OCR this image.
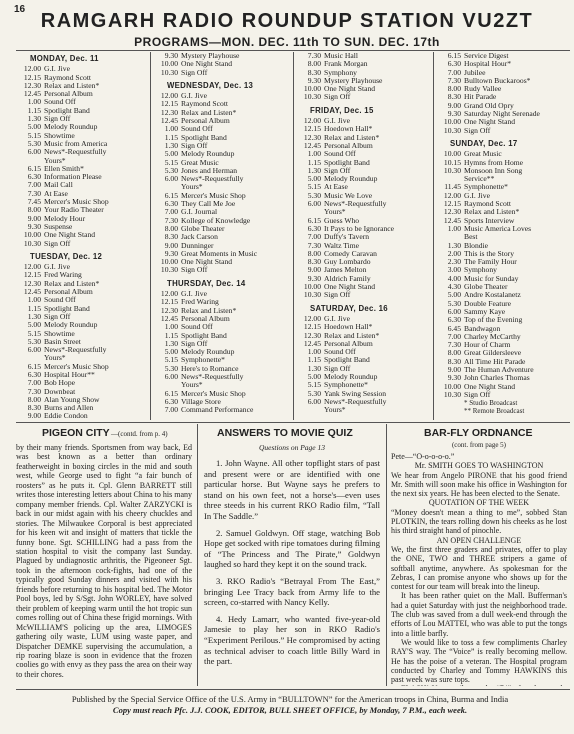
16
RAMGARH RADIO ROUNDUP STATION VU2ZT
PROGRAMS—MON. DEC. 11th TO SUN. DEC. 17th
MONDAY, Dec. 11
12.00 G.I. Jive
12.15 Raymond Scott
12.30 Relax and Listen*
12.45 Personal Album
1.00 Sound Off
1.15 Spotlight Band
1.30 Sign Off
5.00 Melody Roundup
5.15 Showtime
5.30 Music from America
6.00 News*-Requestfully
Yours*
6.15 Ellen Smith*
6.30 Information Please
7.00 Mail Call
7.30 At Ease
7.45 Mercer's Music Shop
8.00 Your Radio Theater
9.00 Melody Hour
9.30 Suspense
10.00 One Night Stand
10.30 Sign Off
TUESDAY, Dec. 12
12.00 G.I. Jive
12.15 Fred Waring
12.30 Relax and Listen*
12.45 Personal Album
1.00 Sound Off
1.15 Spotlight Band
1.30 Sign Off
5.00 Melody Roundup
5.15 Showtime
5.30 Basin Street
6.00 News*-Requestfully
Yours*
6.15 Mercer's Music Shop
6.30 Hospital Hour**
7.00 Bob Hope
7.30 Downbeat
8.00 Alan Young Show
8.30 Burns and Allen
9.00 Eddie Condon
9.30 Mystery Playhouse
10.00 One Night Stand
10.30 Sign Off
WEDNESDAY, Dec. 13
12.00 G.I. Jive
12.15 Raymond Scott
12.30 Relax and Listen*
12.45 Personal Album
1.00 Sound Off
1.15 Spotlight Band
1.30 Sign Off
5.00 Melody Roundup
5.15 Great Music
5.30 Jones and Herman
6.00 News*-Requestfully
Yours*
6.15 Mercer's Music Shop
6.30 They Call Me Joe
7.00 G.I. Journal
7.30 Kollege of Knowledge
8.00 Globe Theater
8.30 Jack Carson
9.00 Dunninger
9.30 Great Moments in Music
10.00 One Night Stand
10.30 Sign Off
THURSDAY, Dec. 14
12.00 G.I. Jive
12.15 Fred Waring
12.30 Relax and Listen*
12.45 Personal Album
1.00 Sound Off
1.15 Spotlight Band
1.30 Sign Off
5.00 Melody Roundup
5.15 Symphonette*
5.30 Here's to Romance
6.00 News*-Requestfully
Yours*
6.15 Mercer's Music Shop
6.30 Village Store
7.00 Command Performance
7.30 Music Hall
8.00 Frank Morgan
8.30 Symphony
9.30 Mystery Playhouse
10.00 One Night Stand
10.30 Sign Off
FRIDAY, Dec. 15
12.00 G.I. Jive
12.15 Hoedown Hall*
12.30 Relax and Listen*
12.45 Personal Album
1.00 Sound Off
1.15 Spotlight Band
1.30 Sign Off
5.00 Melody Roundup
5.15 At Ease
5.30 Music We Love
6.00 News*-Requestfully
Yours*
6.15 Guess Who
6.30 It Pays to be Ignorance
7.00 Duffy's Tavern
7.30 Waltz Time
8.00 Comedy Caravan
8.30 Guy Lombardo
9.00 James Melton
9.30 Aldrich Family
10.00 One Night Stand
10.30 Sign Off
SATURDAY, Dec. 16
12.00 G.I. Jive
12.15 Hoedown Hall*
12.30 Relax and Listen*
12.45 Personal Album
1.00 Sound Off
1.15 Spotlight Band
1.30 Sign Off
5.00 Melody Roundup
5.15 Symphonette*
5.30 Yank Swing Session
6.00 News*-Requestfully
Yours*
6.15 Service Digest
6.30 Hospital Hour*
7.00 Jubilee
7.30 Bulltown Buckaroos*
8.00 Rudy Vallee
8.30 Hit Parade
9.00 Grand Old Opry
9.30 Saturday Night Serenade
10.00 One Night Stand
10.30 Sign Off
SUNDAY, Dec. 17
10.00 Great Music
10.15 Hymns from Home
10.30 Monsoon Inn Song
Service**
11.45 Symphonette*
12.00 G.I. Jive
12.15 Raymond Scott
12.30 Relax and Listen*
12.45 Sports Interview
1.00 Music America Loves
Best
1.30 Blondie
2.00 This is the Story
2.30 The Family Hour
3.00 Symphony
4.00 Music for Sunday
4.30 Globe Theater
5.00 Andre Kostalanetz
5.30 Double Feature
6.00 Sammy Kaye
6.30 Top of the Evening
6.45 Bandwagon
7.00 Charley McCarthy
7.30 Hour of Charm
8.00 Great Gildersleeve
8.30 All Time Hit Parade
9.00 The Human Adventure
9.30 John Charles Thomas
10.00 One Night Stand
10.30 Sign Off
* Studio Broadcast
** Remote Broadcast
PIGEON CITY —(contd. from p. 4)
by their many friends. Sportsmen from way back, Ed was best known as a better than ordinary featherweight in boxing circles in the mid and south west, while George used to fight “a fair bunch of roosters” as he puts it. Cpl. Glenn BARRETT still writes those interesting letters about China to his many company member friends. Cpl. Walter ZARZYCKI is back in our midst again with his cheery chuckles and stories. The Milwaukee Corporal is best appreciated for his keen wit and insight of matters that tickle the funny bone. Sgt. SCHILLING had a pass from the station hospital to visit the company last Sunday. Plagued by undiagnostic arthritis, the Pigeoneer Sgt. took in the afternoon cock-fights, had one of the typically good Sunday dinners and visited with his friends before returning to his hospital bed. The Motor Pool boys, led by S/Sgt. John WORLEY, have solved their problem of keeping warm until the hot tropic sun comes rolling out of China these frigid mornings. With McWILLIAM'S policing up the area, LIMOGES gathering oily waste, LUM using waste paper, and Dispatcher DEMKE supervising the accumulation, a rip roaring blaze is soon in evidence that the frozen coolies go with envy as they pass the area on their way to their chores.
ANSWERS TO MOVIE QUIZ
Questions on Page 13

1. John Wayne. All other topflight stars of past and present were or are identified with one particular horse. But Wayne says he prefers to stand on his own feet, not a horse's—even uses three steeds in his current RKO Radio film, “Tall In The Saddle.”

2. Samuel Goldwyn. Off stage, watching Bob Hope get socked with ripe tomatoes during filming of “The Princess and The Pirate,” Goldwyn laughed so hard they kept it on the sound track.

3. RKO Radio's “Betrayal From The East,” bringing Lee Tracy back from Army life to the screen, co-starred with Nancy Kelly.

4. Hedy Lamarr, who wanted five-year-old Jamesie to play her son in RKO Radio's “Experiment Perilous.” He compromised by acting as technical adviser to coach little Billy Ward in the part.

BAR-FLY ORDNANCE
(cont. from page 5)

Pete—“O-o-o-o-o.”

Mr. SMITH GOES TO WASHINGTON

We hear from Angelo PIRONE that his good friend Mr. Smith will soon make his office in Washington for the next six years. He has been elected to the Senate.

QUOTATION OF THE WEEK

“Money doesn't mean a thing to me”, sobbed Stan PLOTKIN, the tears rolling down his cheeks as he lost his third straight hand of pinochle.

AN OPEN CHALLENGE

We, the first three graders and privates, offer to play the ONE, TWO and THREE stripers a game of softball anytime, anywhere. As spokesman for the Zebras, I can promise anyone who shows up for the contest for our team will break into the lineup.

It has been rather quiet on the Mall. Bufferman's had a quiet Saturday with just the neighborhood trade. The club was saved from a dull week-end through the efforts of Lou MATTEI, who was able to put the tongs into a little barfly.

We would like to toss a few compliments Charley RAY'S way. The “Voice” is really becoming mellow. He has the poise of a veteran. The Hospital program conducted by Charley and Tommy HAWKINS this past week was sure tops.

Published by the Special Service Office of the U.S. Army in “BULLTOWN” for the American troops in China, Burma and India
Copy must reach Pfc. J.J. COOK, EDITOR, BULL SHEET OFFICE, by Monday, 7 P.M., each week.
